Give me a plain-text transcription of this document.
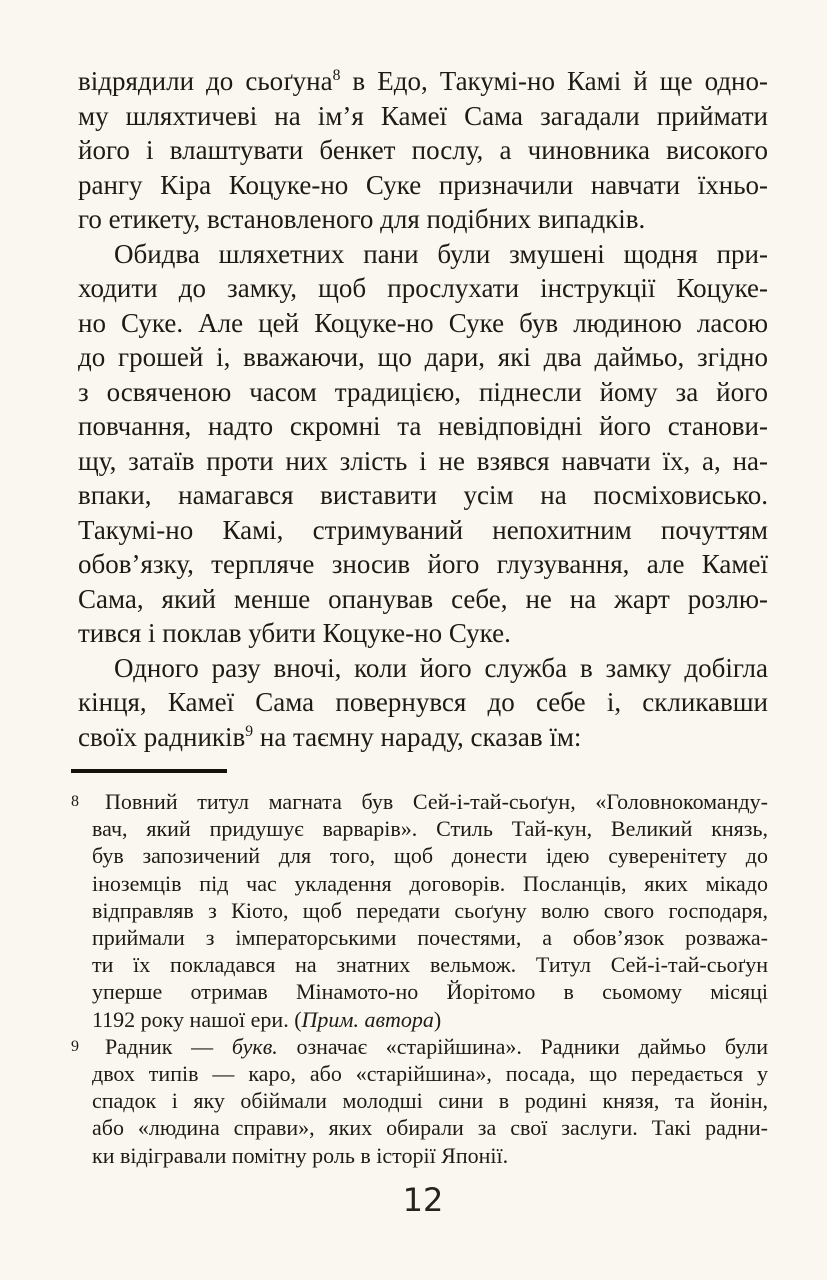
відрядили до сьоґуна$^8$ в Едо, Такумі-но Камі й ще одно-
му шляхтичеві на ім’я Камеї Сама загадали приймати
його і влаштувати бенкет послу, а чиновника високого
рангу Кіра Коцуке-но Суке призначили навчати їхньо-
го етикету, встановленого для подібних випадків.
Обидва шляхетних пани були змушені щодня при-
ходити до замку, щоб прослухати інструкції Коцуке-
но Суке. Але цей Коцуке-но Суке був людиною ласою
до грошей і, вважаючи, що дари, які два даймьо, згідно
з освяченою часом традицією, піднесли йому за його
повчання, надто скромні та невідповідні його станови-
щу, затаїв проти них злість і не взявся навчати їх, а, на-
впаки, намагався виставити усім на посміховисько.
Такумі-но Камі, стримуваний непохитним почуттям
обов’язку, терпляче зносив його глузування, але Камеї
Сама, який менше опанував себе, не на жарт розлю-
тився і поклав убити Коцуке-но Суке.
Одного разу вночі, коли його служба в замку добігла
кінця, Камеї Сама повернувся до себе і, скликавши
своїх радників$^9$ на таємну нараду, сказав їм:
8	Повний титул магната був Сей-і-тай-сьоґун, «Головнокоманду-
вач, який придушує варварів». Стиль Тай-кун, Великий князь,
був запозичений для того, щоб донести ідею суверенітету до
іноземців під час укладення договорів. Посланців, яких мікадо
відправляв з Кіото, щоб передати сьоґуну волю свого господаря,
приймали з імператорськими почестями, а обов’язок розважа-
ти їх покладався на знатних вельмож. Титул Сей-і-тай-сьоґун
уперше отримав Мінамото-но Йорітомо в сьомому місяці
1192 року нашої ери. (Прим. автора)
9	Радник — букв. означає «старійшина». Радники даймьо були
двох типів — каро, або «старійшина», посада, що передається у
спадок і яку обіймали молодші сини в родині князя, та йонін,
або «людина справи», яких обирали за свої заслуги. Такі радни-
ки відігравали помітну роль в історії Японії.
12
